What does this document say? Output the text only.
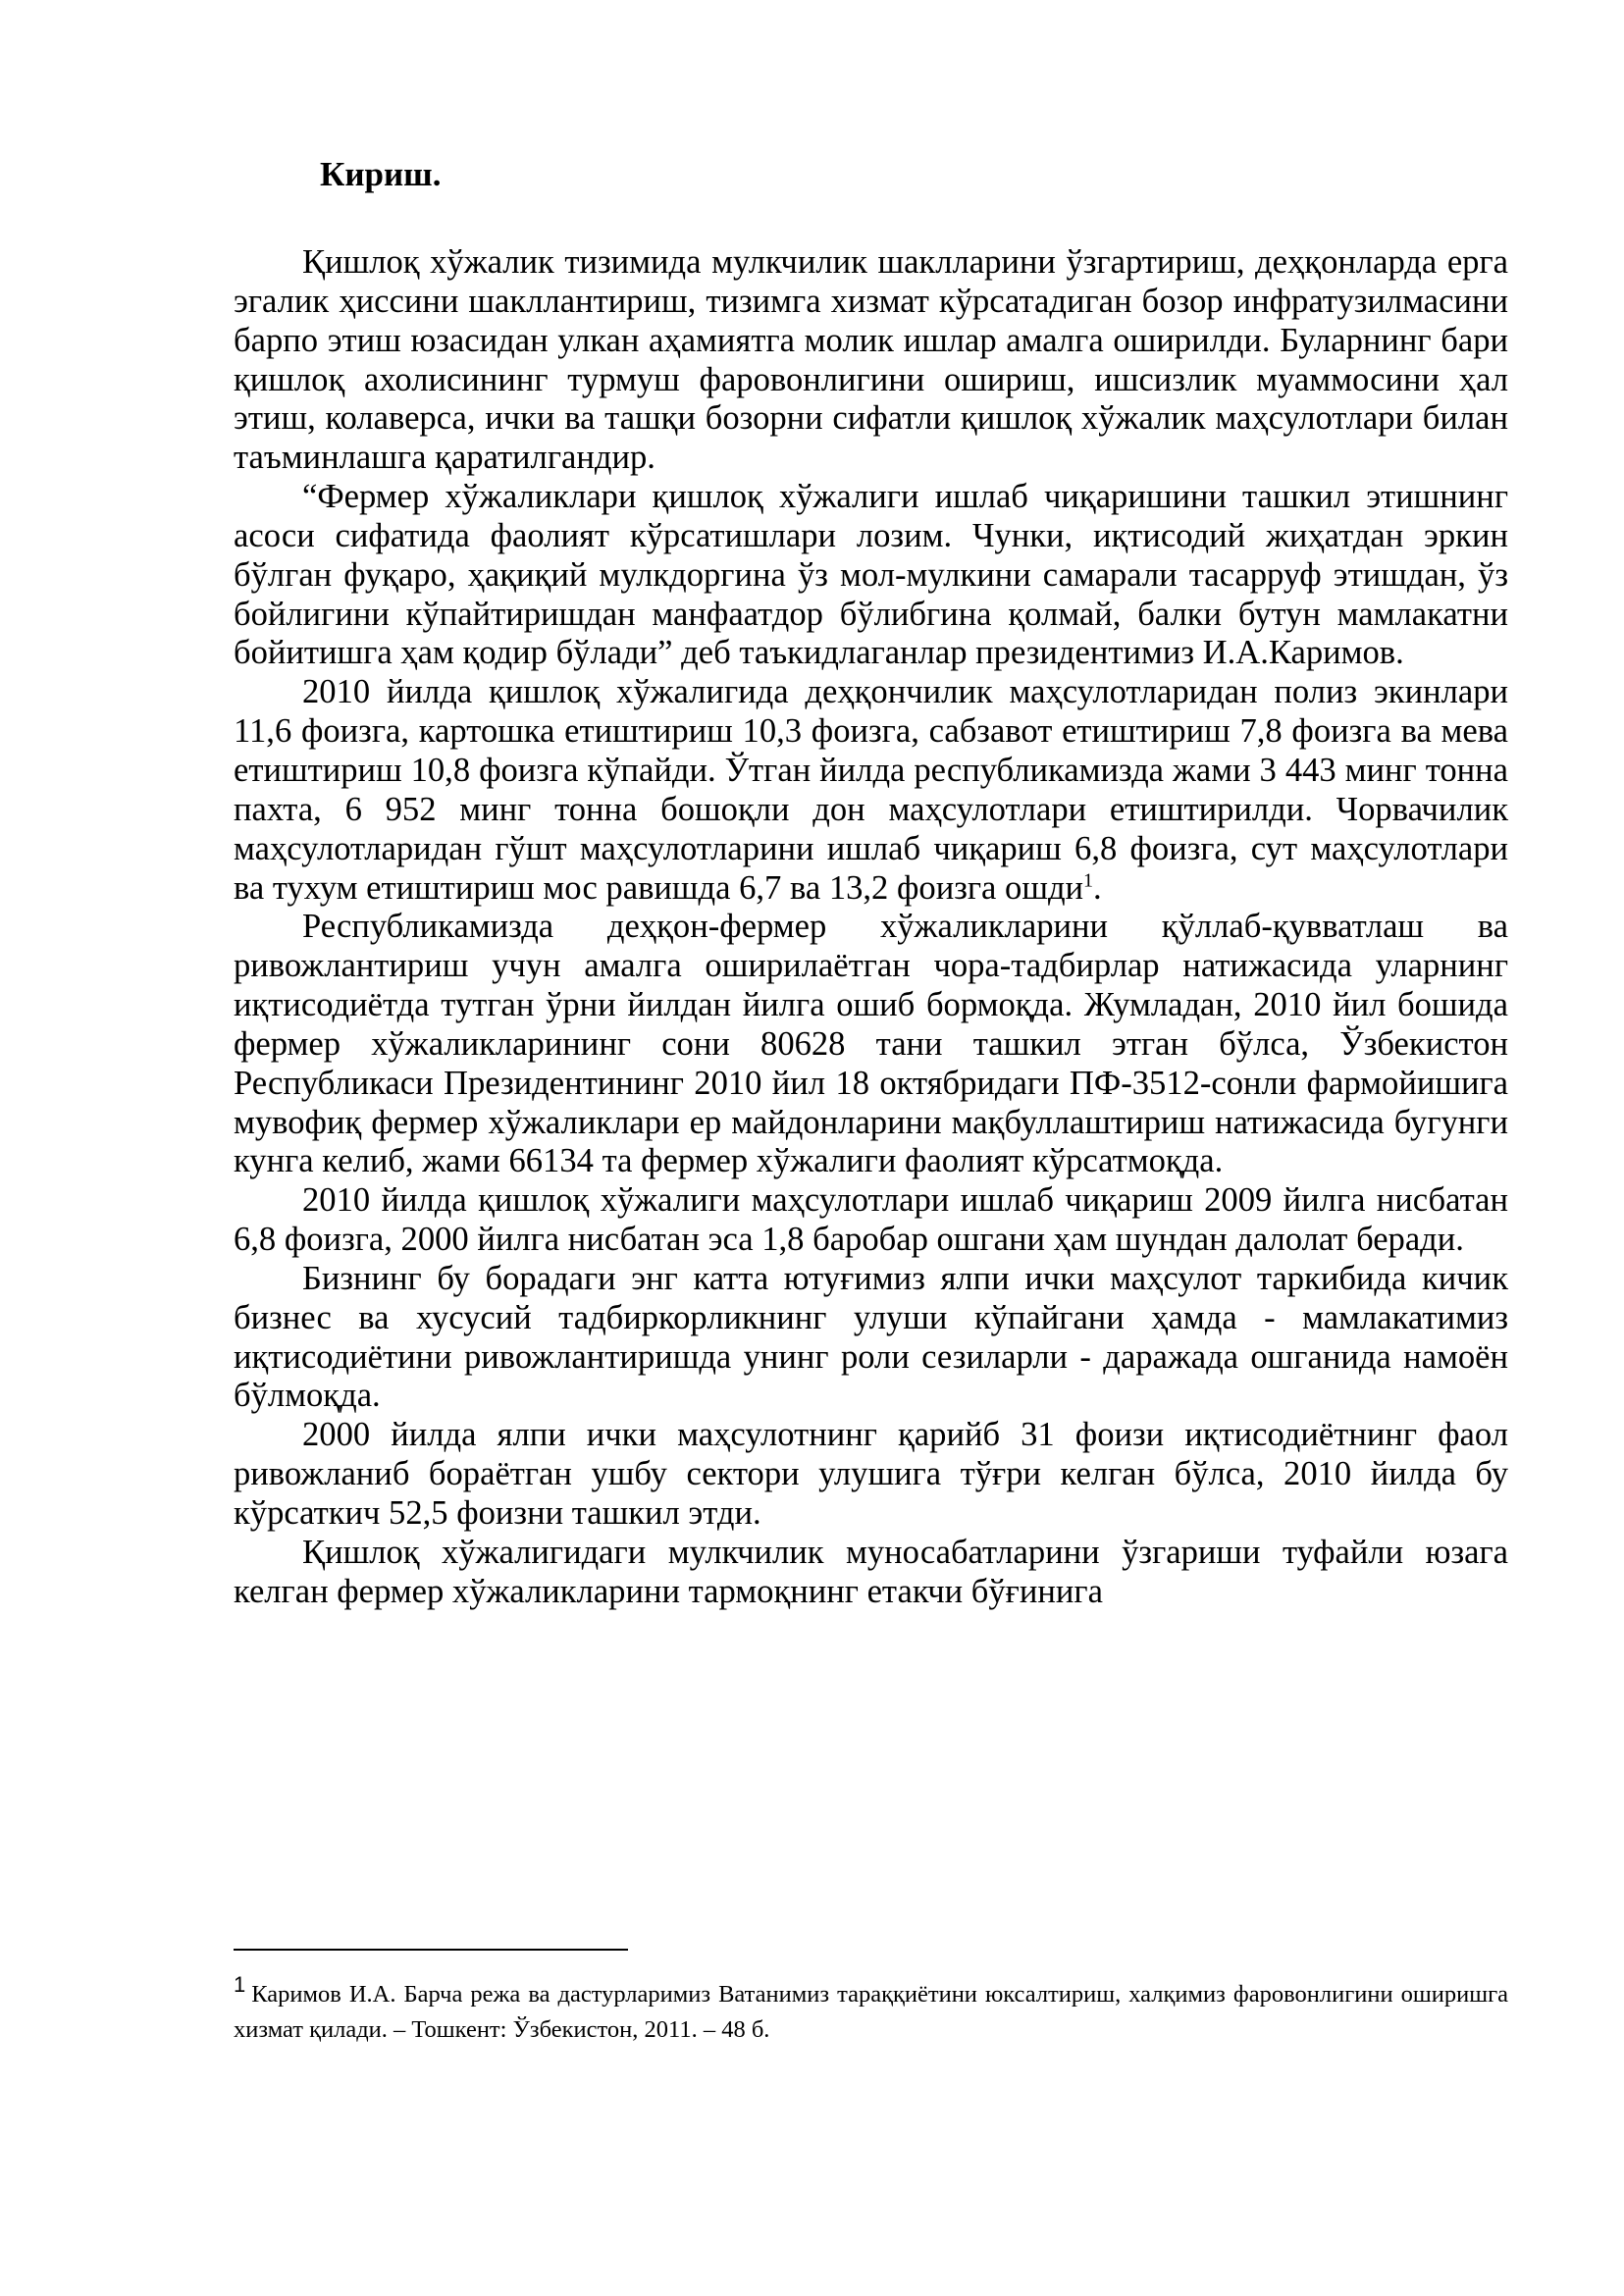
Кириш.

Қишлоқ хўжалик тизимида мулкчилик шаклларини ўзгартириш, деҳқонларда ерга эгалик ҳиссини шакллантириш, тизимга хизмат кўрсатадиган бозор инфратузилмасини барпо этиш юзасидан улкан аҳамиятга молик ишлар амалга оширилди. Буларнинг бари қишлоқ ахолисининг турмуш фаровонлигини ошириш, ишсизлик муаммосини ҳал этиш, колаверса, ички ва ташқи бозорни сифатли қишлоқ хўжалик маҳсулотлари билан таъминлашга қаратилгандир.

“Фермер хўжаликлари қишлоқ хўжалиги ишлаб чиқаришини ташкил этишнинг асоси сифатида фаолият кўрсатишлари лозим. Чунки, иқтисодий жиҳатдан эркин бўлган фуқаро, ҳақиқий мулкдоргина ўз мол-мулкини самарали тасарруф этишдан, ўз бойлигини кўпайтиришдан манфаатдор бўлибгина қолмай, балки бутун мамлакатни бойитишга ҳам қодир бўлади” деб таъкидлаганлар президентимиз И.А.Каримов.

2010 йилда қишлоқ хўжалигида деҳқончилик маҳсулотларидан полиз экинлари 11,6 фоизга, картошка етиштириш 10,3 фоизга, сабзавот етиштириш 7,8 фоизга ва мева етиштириш 10,8 фоизга кўпайди. Ўтган йилда республикамизда жами 3 443 минг тонна пахта, 6 952 минг тонна бошоқли дон маҳсулотлари етиштирилди. Чорвачилик маҳсулотларидан гўшт маҳсулотларини ишлаб чиқариш 6,8 фоизга, сут маҳсулотлари ва тухум етиштириш мос равишда 6,7 ва 13,2 фоизга ошди$^1$.

Республикамизда деҳқон-фермер хўжаликларини қўллаб-қувватлаш ва ривожлантириш учун амалга оширилаётган чора-тадбирлар натижасида уларнинг иқтисодиётда тутган ўрни йилдан йилга ошиб бормоқда. Жумладан, 2010 йил бошида фермер хўжаликларининг сони 80628 тани ташкил этган бўлса, Ўзбекистон Республикаси Президентининг 2010 йил 18 октябридаги ПФ-3512-сонли фармойишига мувофиқ фермер хўжаликлари ер майдонларини мақбуллаштириш натижасида бугунги кунга келиб, жами 66134 та фермер хўжалиги фаолият кўрсатмоқда.

2010 йилда қишлоқ хўжалиги маҳсулотлари ишлаб чиқариш 2009 йилга нисбатан 6,8 фоизга, 2000 йилга нисбатан эса 1,8 баробар ошгани ҳам шундан далолат беради.

Бизнинг бу борадаги энг катта ютуғимиз ялпи ички маҳсулот таркибида кичик бизнес ва хусусий тадбиркорликнинг улуши кўпайгани ҳамда - мамлакатимиз иқтисодиётини ривожлантиришда унинг роли сезиларли - даражада ошганида намоён бўлмоқда.

2000 йилда ялпи ички маҳсулотнинг қарийб 31 фоизи иқтисодиётнинг фаол ривожланиб бораётган ушбу сектори улушига тўғри келган бўлса, 2010 йилда бу кўрсаткич 52,5 фоизни ташкил этди.

Қишлоқ хўжалигидаги мулкчилик муносабатларини ўзгариши туфайли юзага келган фермер хўжаликларини тармоқнинг етакчи бўғинига

1 Каримов И.А. Барча режа ва дастурларимиз Ватанимиз тараққиётини юксалтириш, халқимиз фаровонлигини оширишга хизмат қилади. – Тошкент: Ўзбекистон, 2011. – 48 б.
